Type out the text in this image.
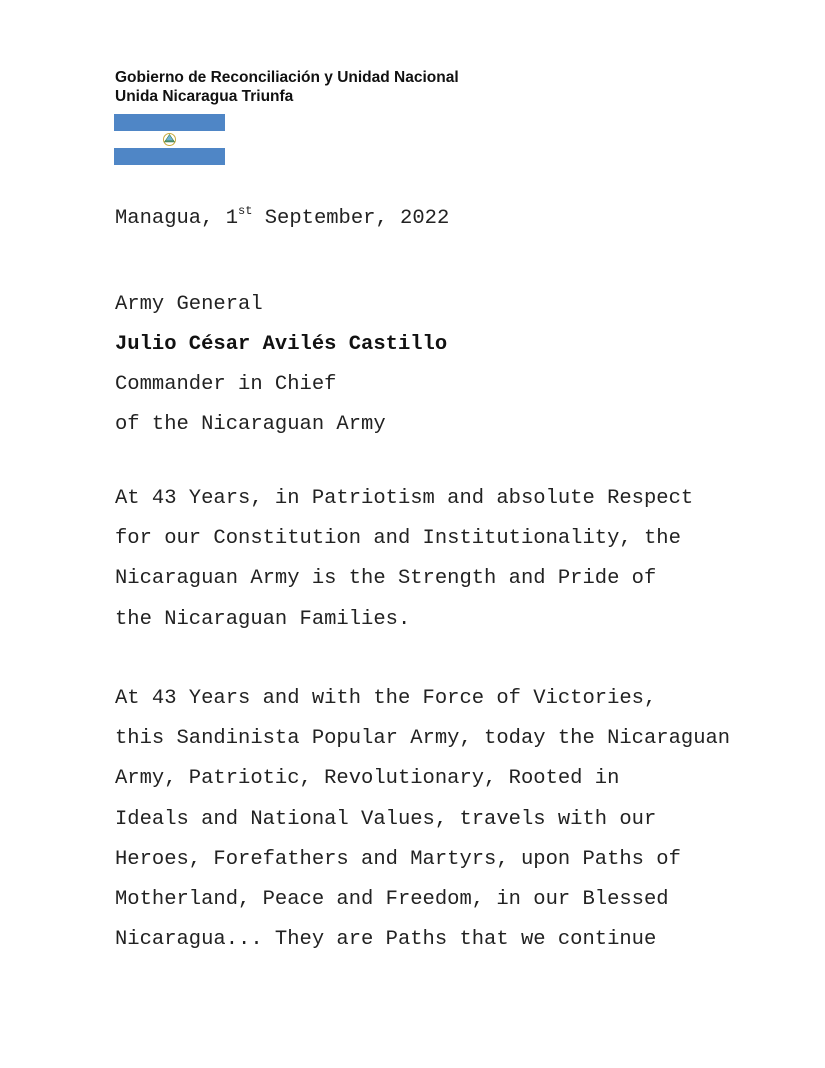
Gobierno de Reconciliación y Unidad Nacional
Unida Nicaragua Triunfa
Managua, 1st September, 2022
Army General
Julio César Avilés Castillo
Commander in Chief
of the Nicaraguan Army
At 43 Years, in Patriotism and absolute Respect
for our Constitution and Institutionality, the
Nicaraguan Army is the Strength and Pride of
the Nicaraguan Families.
At 43 Years and with the Force of Victories,
this Sandinista Popular Army, today the Nicaraguan
Army, Patriotic, Revolutionary, Rooted in
Ideals and National Values, travels with our
Heroes, Forefathers and Martyrs, upon Paths of
Motherland, Peace and Freedom, in our Blessed
Nicaragua... They are Paths that we continue
